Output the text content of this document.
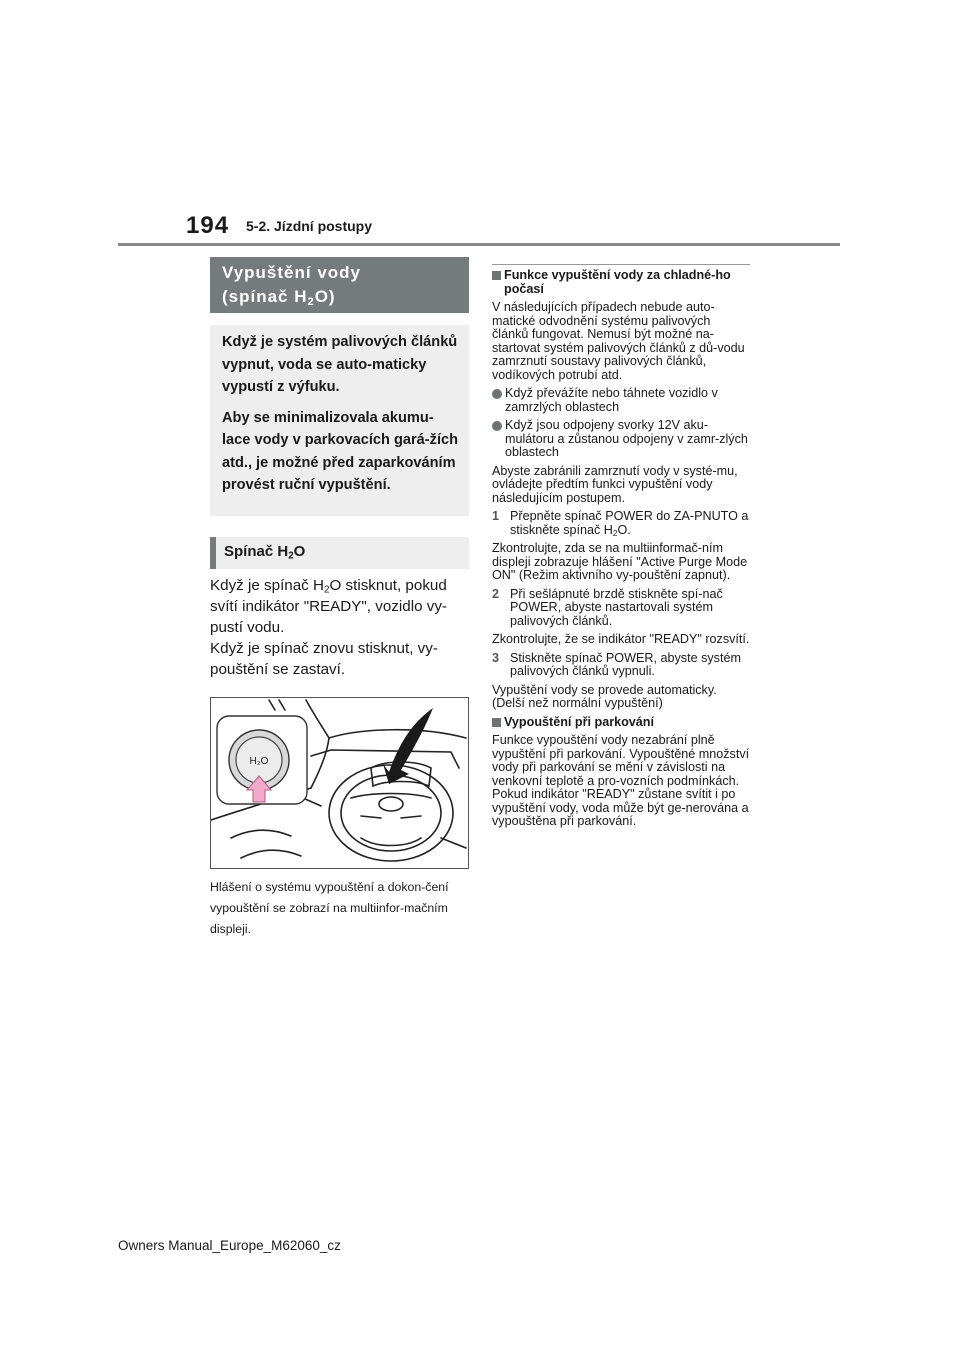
194 5-2. Jízdní postupy
Vypuštění vody
(spínač $H_2O$)

Když je systém palivových článků vypnut, voda se auto-maticky vypustí z výfuku.

Aby se minimalizovala akumu-lace vody v parkovacích gará-žích atd., je možné před zaparkováním provést ruční vypuštění.

Spínač $H_2O$

Když je spínač $H_2O$ stisknut, pokud svítí indikátor "READY", vozidlo vy-pustí vodu.

Když je spínač znovu stisknut, vy-pouštění se zastaví.

H₂O
Hlášení o systému vypouštění a dokon-čení vypouštění se zobrazí na multiinfor-mačním displeji.
Funkce vypuštění vody za chladné-ho počasí

V následujících případech nebude auto-matické odvodnění systému palivových článků fungovat. Nemusí být možné na-startovat systém palivových článků z dů-vodu zamrznutí soustavy palivových článků, vodíkových potrubí atd.

Když převážíte nebo táhnete vozidlo v zamrzlých oblastech
Když jsou odpojeny svorky 12V aku-mulátoru a zůstanou odpojeny v zamr-zlých oblastech

Abyste zabránili zamrznutí vody v systé-mu, ovládejte předtím funkci vypuštění vody následujícím postupem.

1 Přepněte spínač POWER do ZA-PNUTO a stiskněte spínač $H_2O$.

Zkontrolujte, zda se na multiinformač-ním displeji zobrazuje hlášení "Active Purge Mode ON" (Režim aktivního vy-pouštění zapnut).

2 Při sešlápnuté brzdě stiskněte spí-nač POWER, abyste nastartovali systém palivových článků.

Zkontrolujte, že se indikátor "READY" rozsvítí.

3 Stiskněte spínač POWER, abyste systém palivových článků vypnuli.

Vypuštění vody se provede automaticky. (Delší než normální vypuštění)

Vypouštění při parkování

Funkce vypouštění vody nezabrání plně vypuštění při parkování. Vypouštěné množství vody při parkování se mění v závislosti na venkovní teplotě a pro-vozních podmínkách.

Pokud indikátor "READY" zůstane svítit i po vypuštění vody, voda může být ge-nerována a vypouštěna při parkování.

Owners Manual_Europe_M62060_cz
